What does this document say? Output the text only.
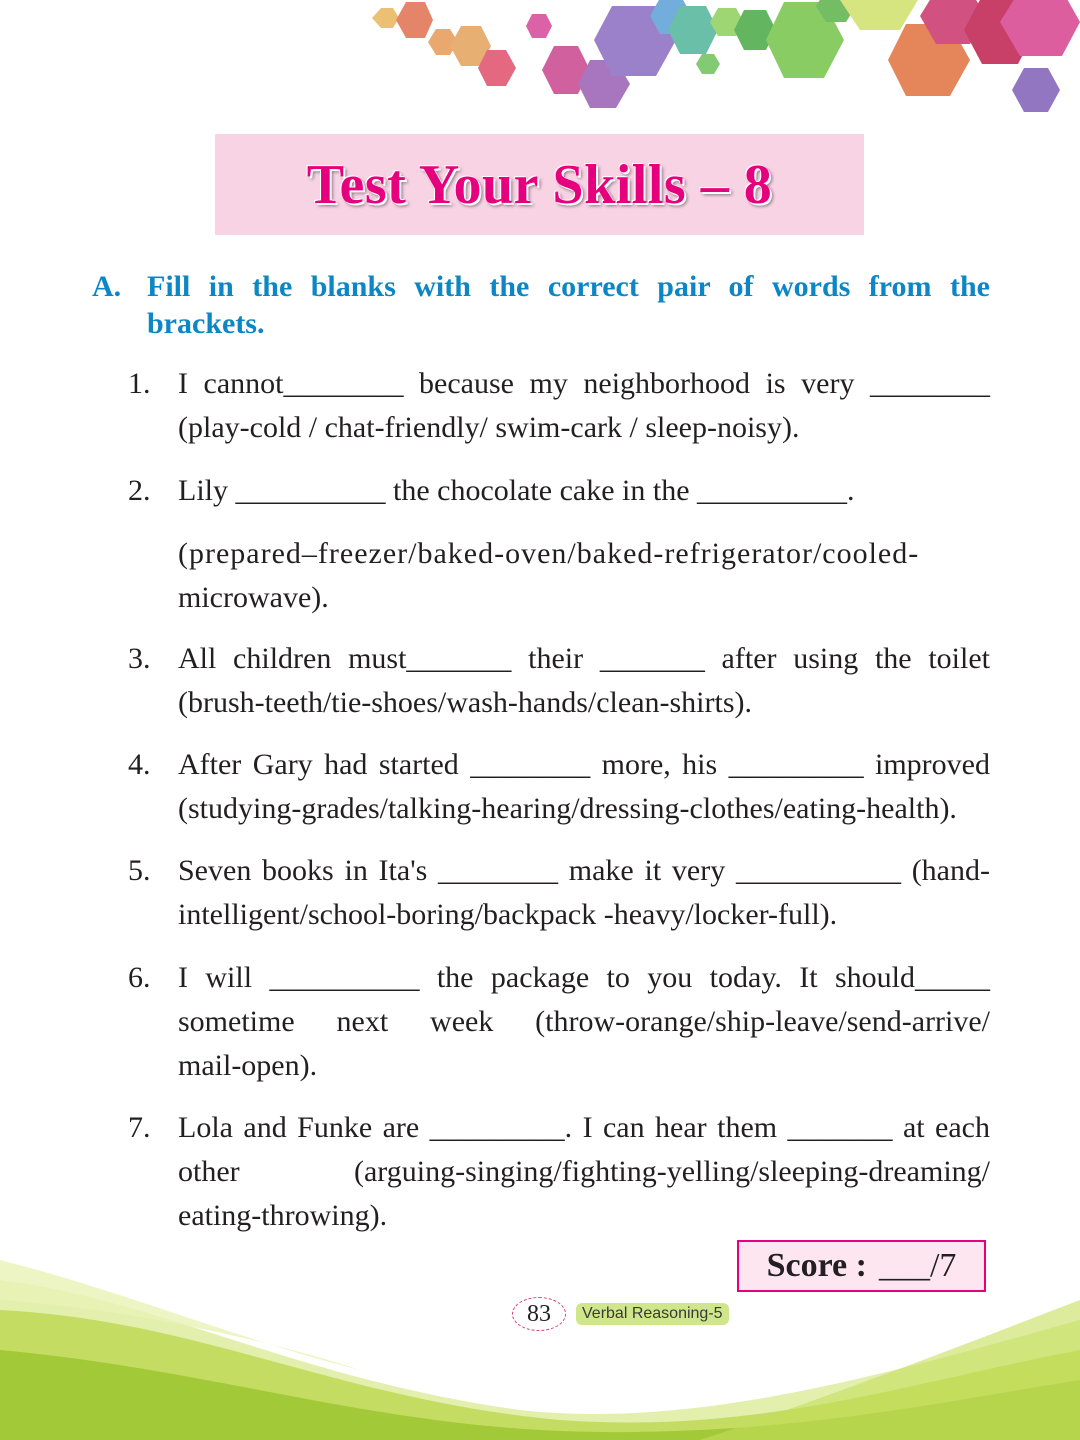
Test Your Skills – 8
A. Fill in the blanks with the correct pair of words from the brackets.
1. I cannot________ because my neighborhood is very ________
(play-cold / chat-friendly/ swim-cark / sleep-noisy).
2. Lily __________ the chocolate cake in the __________.
(prepared–freezer/baked-oven/baked-refrigerator/cooled-
microwave).
3. All children must_______ their _______ after using the toilet
(brush-teeth/tie-shoes/wash-hands/clean-shirts).
4. After Gary had started ________ more, his _________ improved
(studying-grades/talking-hearing/dressing-clothes/eating-health).
5. Seven books in Ita's ________ make it very ___________ (hand-
intelligent/school-boring/backpack -heavy/locker-full).
6. I will __________ the package to you today. It should_____
sometime next week (throw-orange/ship-leave/send-arrive/
mail-open).
7. Lola and Funke are _________. I can hear them _______ at each
other (arguing-singing/fighting-yelling/sleeping-dreaming/
eating-throwing).
Score : ___/7
83	Verbal Reasoning-5
